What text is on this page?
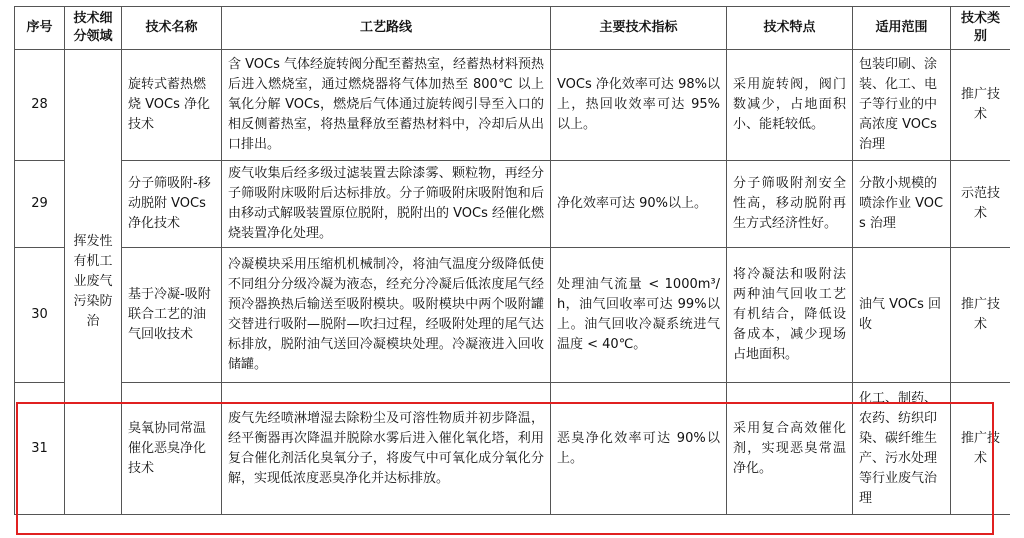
序号	技术细分领域	技术名称	工艺路线	主要技术指标	技术特点	适用范围	技术类别
28	挥发性有机工业废气污染防治	旋转式蓄热燃烧 VOCs 净化技术	含 VOCs 气体经旋转阀分配至蓄热室，经蓄热材料预热后进入燃烧室，通过燃烧器将气体加热至 800℃ 以上氧化分解 VOCs，燃烧后气体通过旋转阀引导至入口的相反侧蓄热室，将热量释放至蓄热材料中，冷却后从出口排出。	VOCs 净化效率可达 98%以上，热回收效率可达 95%以上。	采用旋转阀，阀门数减少，占地面积小、能耗较低。	包装印刷、涂装、化工、电子等行业的中高浓度 VOCs 治理	推广技术
29		分子筛吸附-移动脱附 VOCs 净化技术	废气收集后经多级过滤装置去除漆雾、颗粒物，再经分子筛吸附床吸附后达标排放。分子筛吸附床吸附饱和后由移动式解吸装置原位脱附，脱附出的 VOCs 经催化燃烧装置净化处理。	净化效率可达 90%以上。	分子筛吸附剂安全性高，移动脱附再生方式经济性好。	分散小规模的喷涂作业 VOCs 治理	示范技术
30		基于冷凝-吸附联合工艺的油气回收技术	冷凝模块采用压缩机机械制冷，将油气温度分级降低使不同组分分级冷凝为液态，经充分冷凝后低浓度尾气经预冷器换热后输送至吸附模块。吸附模块中两个吸附罐交替进行吸附—脱附—吹扫过程，经吸附处理的尾气达标排放，脱附油气送回冷凝模块处理。冷凝液进入回收储罐。	处理油气流量 < 1000m³/h，油气回收率可达 99%以上。油气回收冷凝系统进气温度 < 40℃。	将冷凝法和吸附法两种油气回收工艺有机结合，降低设备成本，减少现场占地面积。	油气 VOCs 回收	推广技术
31		臭氧协同常温催化恶臭净化技术	废气先经喷淋增湿去除粉尘及可溶性物质并初步降温，经平衡器再次降温并脱除水雾后进入催化氧化塔，利用复合催化剂活化臭氧分子，将废气中可氧化成分氧化分解，实现低浓度恶臭净化并达标排放。	恶臭净化效率可达 90%以上。	采用复合高效催化剂，实现恶臭常温净化。	化工、制药、农药、纺织印染、碳纤维生产、污水处理等行业废气治理	推广技术
